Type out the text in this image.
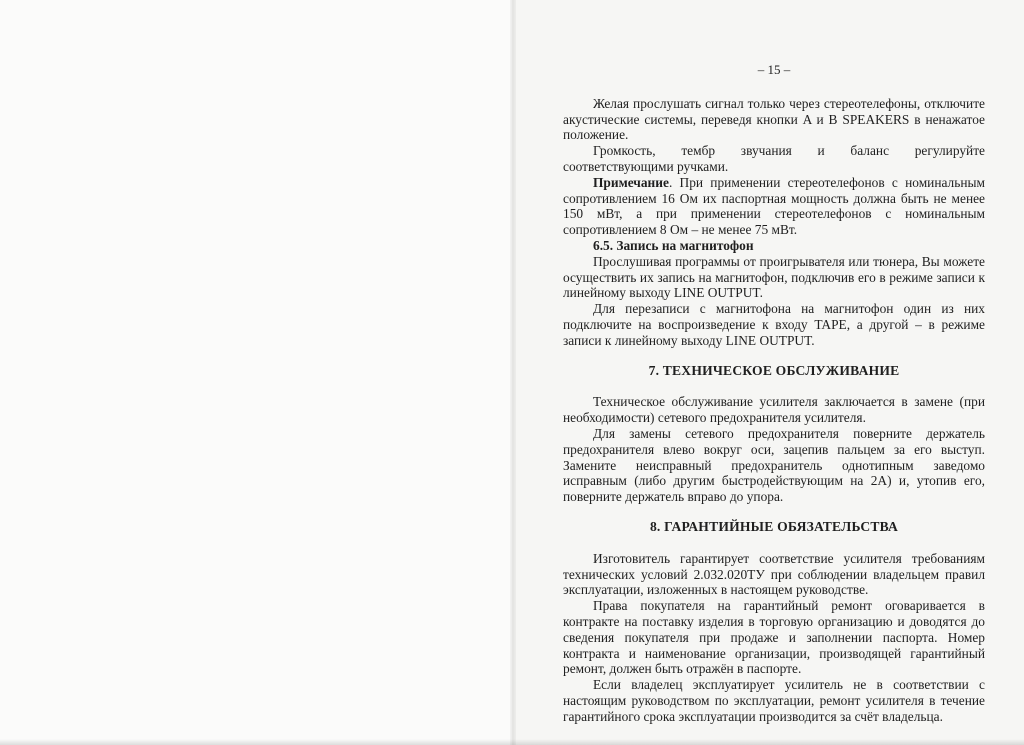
– 15 –

Желая прослушать сигнал только через стереотелефоны, отключите акустические системы, переведя кнопки A и B SPEAKERS в ненажатое положение.

Громкость, тембр звучания и баланс регулируйте соответствующими ручками.

Примечание. При применении стереотелефонов с номинальным сопротивлением 16 Ом их паспортная мощность должна быть не менее 150 мВт, а при применении стереотелефонов с номинальным сопротивлением 8 Ом – не менее 75 мВт.

6.5. Запись на магнитофон

Прослушивая программы от проигрывателя или тюнера, Вы можете осуществить их запись на магнитофон, подключив его в режиме записи к линейному выходу LINE OUTPUT.

Для перезаписи с магнитофона на магнитофон один из них подключите на воспроизведение к входу TAPE, а другой – в режиме записи к линейному выходу LINE OUTPUT.

7. ТЕХНИЧЕСКОЕ ОБСЛУЖИВАНИЕ

Техническое обслуживание усилителя заключается в замене (при необходимости) сетевого предохранителя усилителя.

Для замены сетевого предохранителя поверните держатель предохранителя влево вокруг оси, зацепив пальцем за его выступ. Замените неисправный предохранитель однотипным заведомо исправным (либо другим быстродействующим на 2А) и, утопив его, поверните держатель вправо до упора.

8. ГАРАНТИЙНЫЕ ОБЯЗАТЕЛЬСТВА

Изготовитель гарантирует соответствие усилителя требованиям технических условий 2.032.020ТУ при соблюдении владельцем правил эксплуатации, изложенных в настоящем руководстве.

Права покупателя на гарантийный ремонт оговаривается в контракте на поставку изделия в торговую организацию и доводятся до сведения покупателя при продаже и заполнении паспорта. Номер контракта и наименование организации, производящей гарантийный ремонт, должен быть отражён в паспорте.

Если владелец эксплуатирует усилитель не в соответствии с настоящим руководством по эксплуатации, ремонт усилителя в течение гарантийного срока эксплуатации производится за счёт владельца.
